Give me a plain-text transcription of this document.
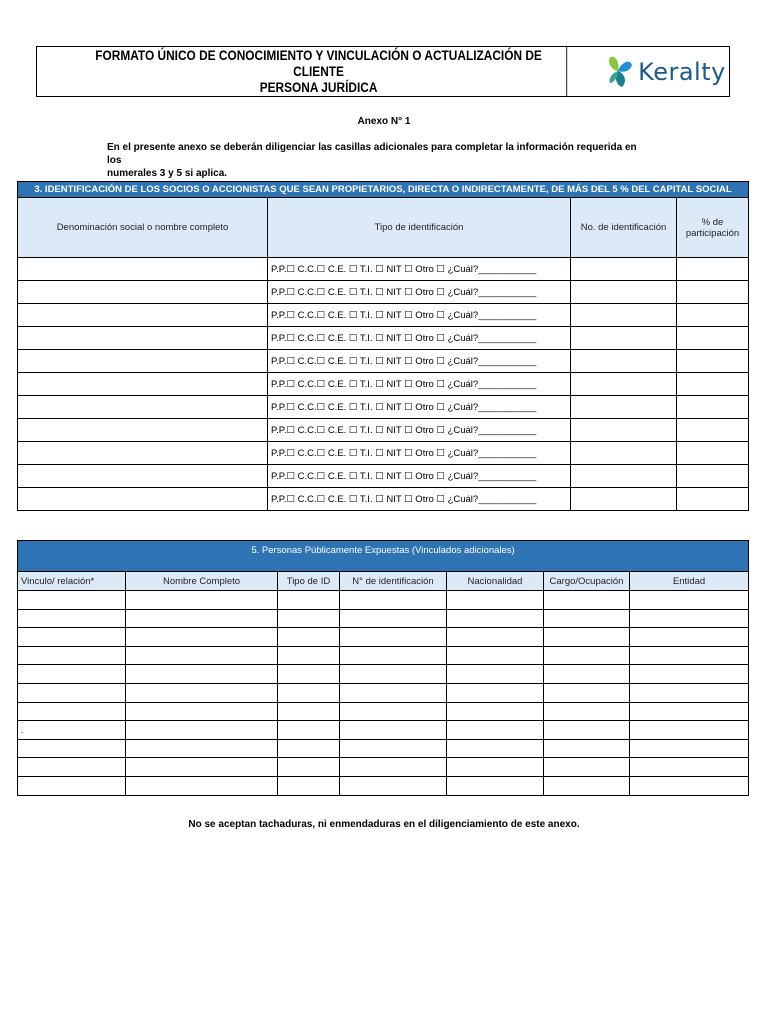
FORMATO ÚNICO DE CONOCIMIENTO Y VINCULACIÓN O ACTUALIZACIÓN DE CLIENTE
PERSONA JURÍDICA
Keralty
Anexo N° 1
En el presente anexo se deberán diligenciar las casillas adicionales para completar la información requerida en los
numerales 3 y 5 si aplica.
3. IDENTIFICACIÓN DE LOS SOCIOS O ACCIONISTAS QUE SEAN PROPIETARIOS, DIRECTA O INDIRECTAMENTE, DE MÁS DEL 5 % DEL CAPITAL SOCIAL			
Denominación social o nombre completo	Tipo de identificación	No. de identificación	% de
participación

	P.P.☐ C.C.☐ C.E. ☐ T.I. ☐ NIT ☐ Otro ☐ ¿Cuál?___________		
	P.P.☐ C.C.☐ C.E. ☐ T.I. ☐ NIT ☐ Otro ☐ ¿Cuál?___________		
	P.P.☐ C.C.☐ C.E. ☐ T.I. ☐ NIT ☐ Otro ☐ ¿Cuál?___________		
	P.P.☐ C.C.☐ C.E. ☐ T.I. ☐ NIT ☐ Otro ☐ ¿Cuál?___________		
	P.P.☐ C.C.☐ C.E. ☐ T.I. ☐ NIT ☐ Otro ☐ ¿Cuál?___________		
	P.P.☐ C.C.☐ C.E. ☐ T.I. ☐ NIT ☐ Otro ☐ ¿Cuál?___________		
	P.P.☐ C.C.☐ C.E. ☐ T.I. ☐ NIT ☐ Otro ☐ ¿Cuál?___________		
	P.P.☐ C.C.☐ C.E. ☐ T.I. ☐ NIT ☐ Otro ☐ ¿Cuál?___________		
	P.P.☐ C.C.☐ C.E. ☐ T.I. ☐ NIT ☐ Otro ☐ ¿Cuál?___________		
	P.P.☐ C.C.☐ C.E. ☐ T.I. ☐ NIT ☐ Otro ☐ ¿Cuál?___________		
	P.P.☐ C.C.☐ C.E. ☐ T.I. ☐ NIT ☐ Otro ☐ ¿Cuál?___________		
5. Personas Públicamente Expuestas (Vinculados adicionales)						
Vinculo/ relación*	Nombre Completo	Tipo de ID	N° de identificación	Nacionalidad	Cargo/Ocupación	Entidad

.						

No se aceptan tachaduras, ni enmendaduras en el diligenciamiento de este anexo.
